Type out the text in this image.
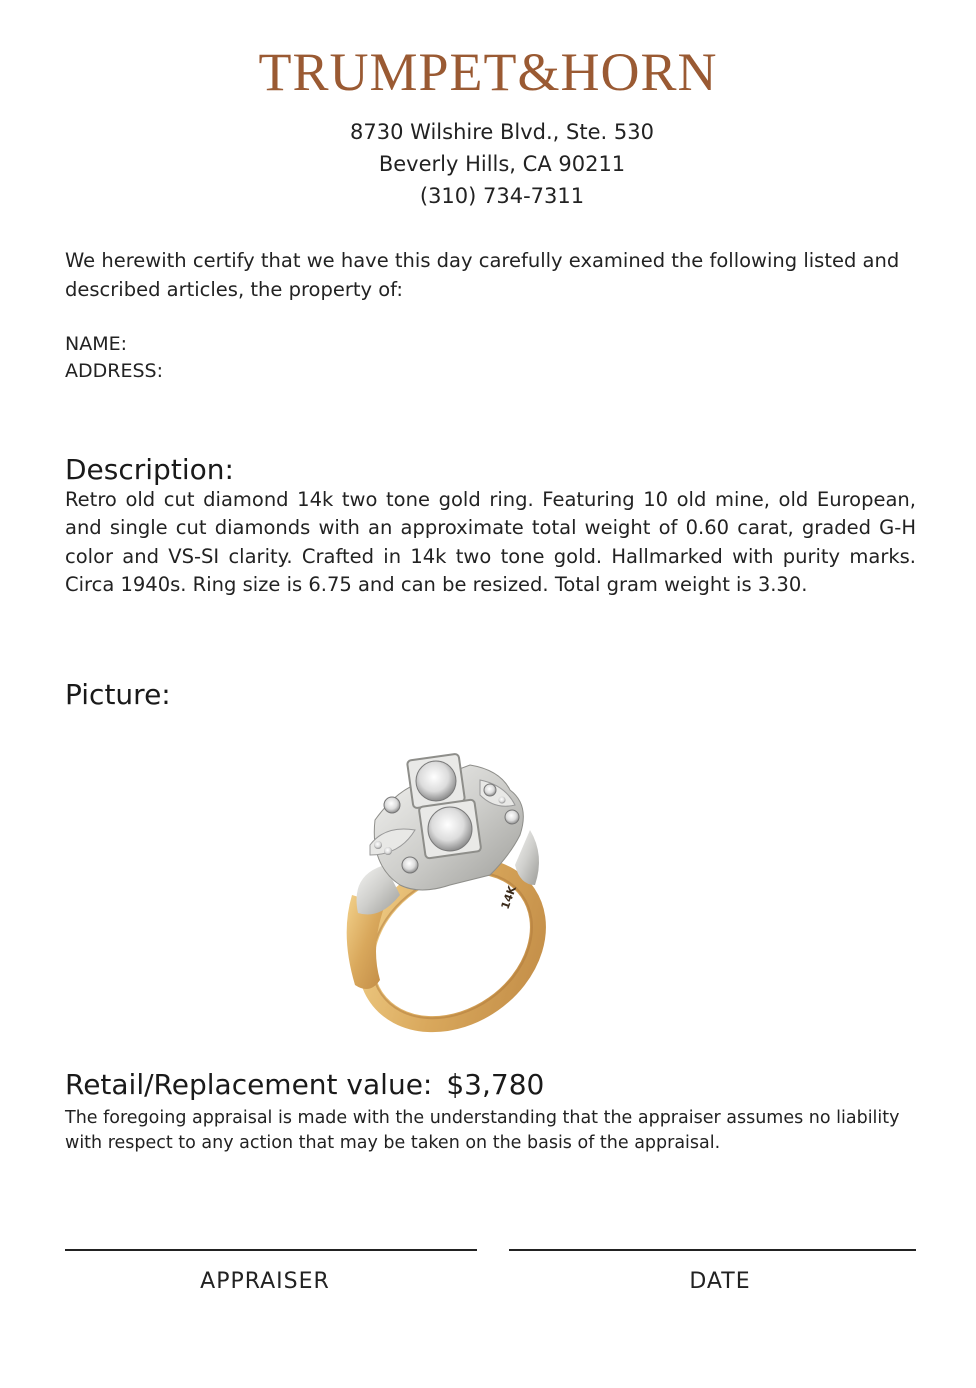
TRUMPET&HORN
8730 Wilshire Blvd., Ste. 530
Beverly Hills, CA 90211
(310) 734-7311
We herewith certify that we have this day carefully examined the following listed and described articles, the property of:
NAME:
ADDRESS:
Description:
Retro old cut diamond 14k two tone gold ring. Featuring 10 old mine, old European, and single cut diamonds with an approximate total weight of 0.60 carat, graded G-H color and VS-SI clarity. Crafted in 14k two tone gold. Hallmarked with purity marks. Circa 1940s. Ring size is 6.75 and can be resized. Total gram weight is 3.30.
Picture:
14K
Retail/Replacement value: $3,780
The foregoing appraisal is made with the understanding that the appraiser assumes no liability with respect to any action that may be taken on the basis of the appraisal.
APPRAISER	DATE
